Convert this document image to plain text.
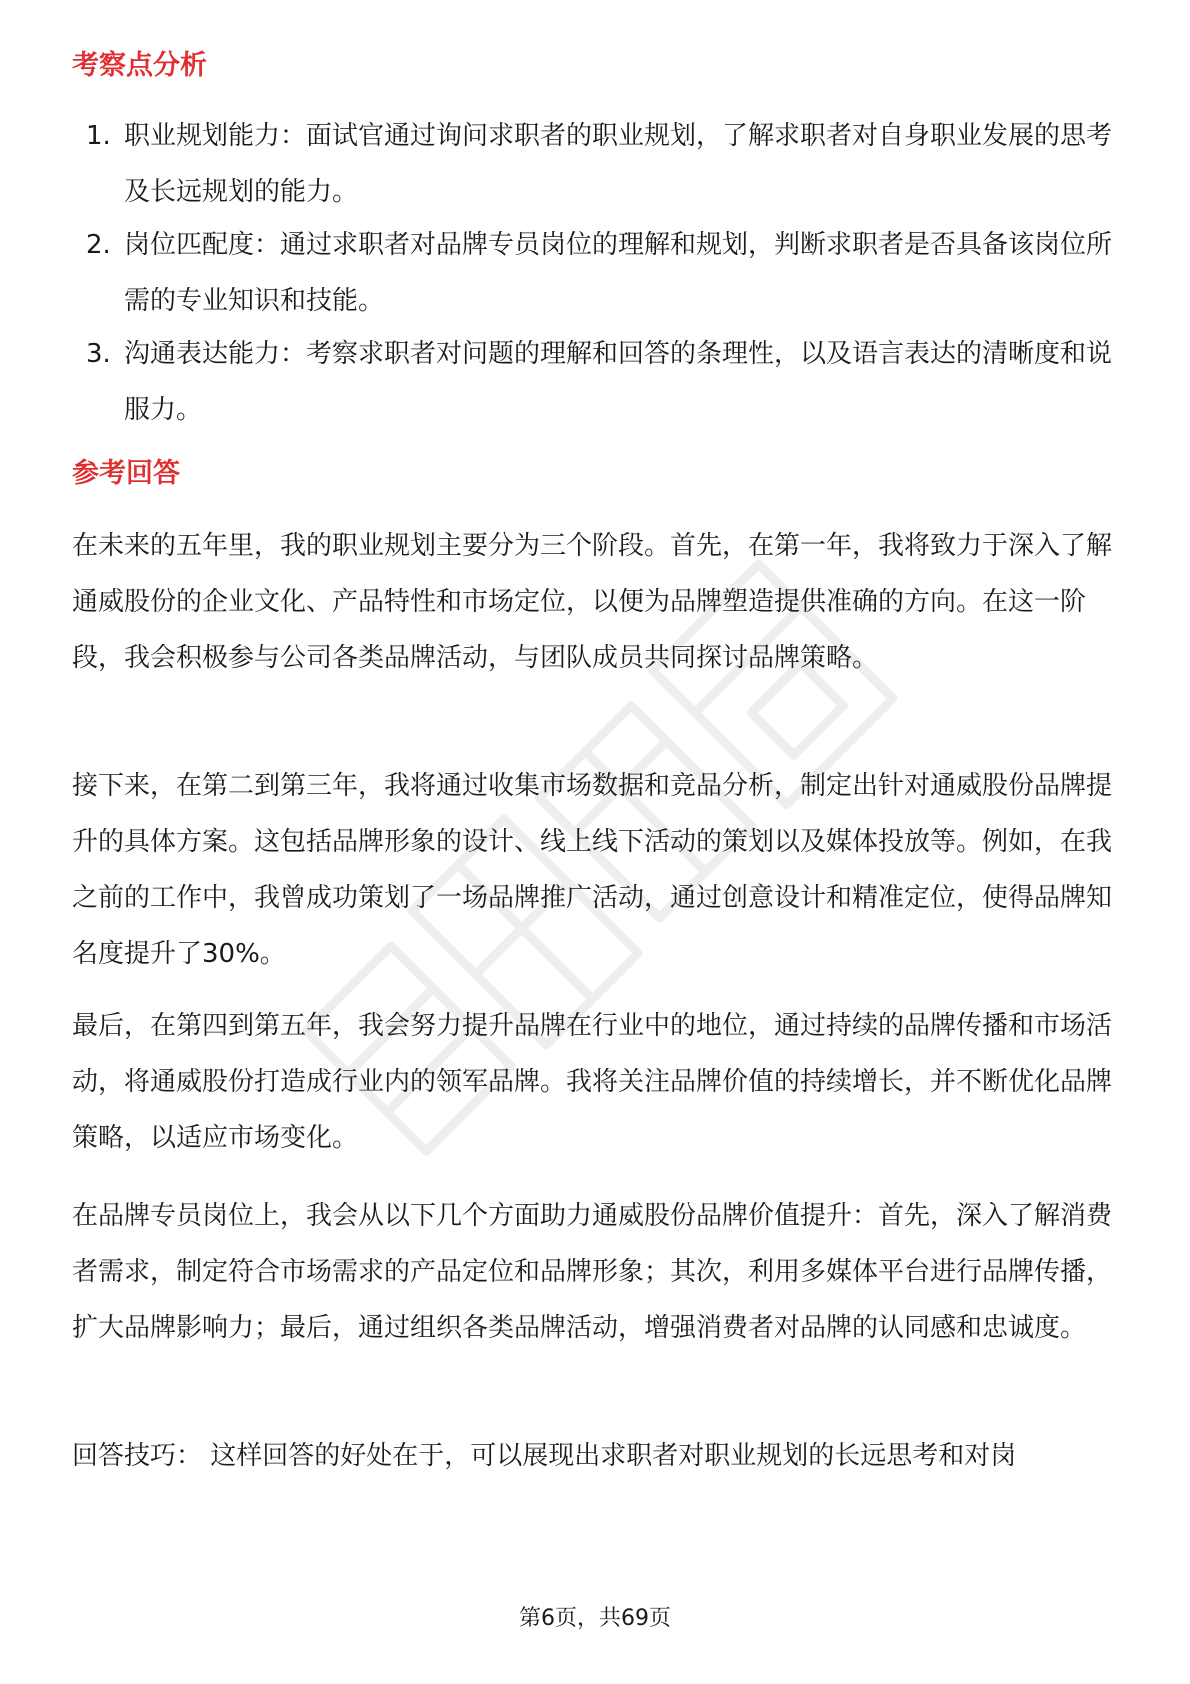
考察点分析
1. 职业规划能力：面试官通过询问求职者的职业规划，了解求职者对自身职业发展的思考及长远规划的能力。
2. 岗位匹配度：通过求职者对品牌专员岗位的理解和规划，判断求职者是否具备该岗位所需的专业知识和技能。
3. 沟通表达能力：考察求职者对问题的理解和回答的条理性，以及语言表达的清晰度和说服力。
参考回答
在未来的五年里，我的职业规划主要分为三个阶段。首先，在第一年，我将致力于深入了解通威股份的企业文化、产品特性和市场定位，以便为品牌塑造提供准确的方向。在这一阶段，我会积极参与公司各类品牌活动，与团队成员共同探讨品牌策略。
接下来，在第二到第三年，我将通过收集市场数据和竞品分析，制定出针对通威股份品牌提升的具体方案。这包括品牌形象的设计、线上线下活动的策划以及媒体投放等。例如，在我之前的工作中，我曾成功策划了一场品牌推广活动，通过创意设计和精准定位，使得品牌知名度提升了30%。
最后，在第四到第五年，我会努力提升品牌在行业中的地位，通过持续的品牌传播和市场活动，将通威股份打造成行业内的领军品牌。我将关注品牌价值的持续增长，并不断优化品牌策略，以适应市场变化。
在品牌专员岗位上，我会从以下几个方面助力通威股份品牌价值提升：首先，深入了解消费者需求，制定符合市场需求的产品定位和品牌形象；其次，利用多媒体平台进行品牌传播，扩大品牌影响力；最后，通过组织各类品牌活动，增强消费者对品牌的认同感和忠诚度。
回答技巧： 这样回答的好处在于，可以展现出求职者对职业规划的长远思考和对岗
第6页，共69页
